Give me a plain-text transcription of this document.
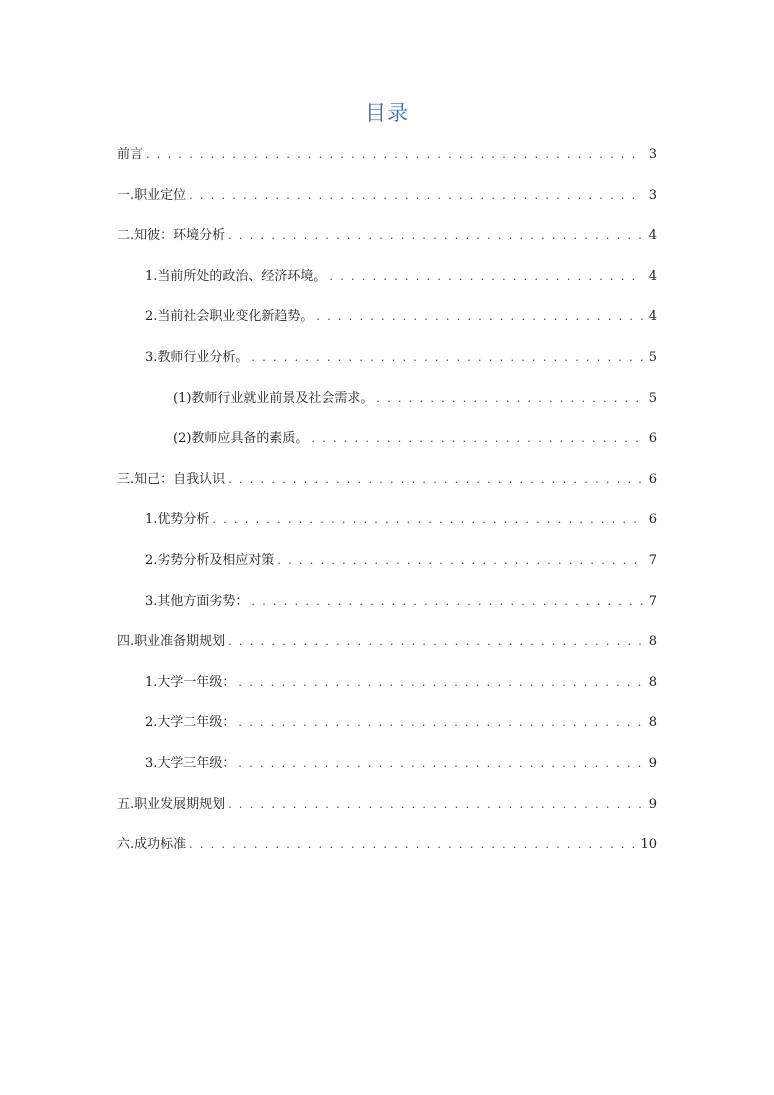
目录
前言 . . .	3
一.职业定位 . . .	3
二.知彼：环境分析 . . .	4
1.当前所处的政治、经济环境。 . . .	4
2.当前社会职业变化新趋势。 . . .	4
3.教师行业分析。 . . .	5
(1)教师行业就业前景及社会需求。 . . .	5
(2)教师应具备的素质。 . . .	6
三.知己：自我认识 . . .	6
1.优势分析 . . .	6
2.劣势分析及相应对策 . . .	7
3.其他方面劣势： . . .	7
四.职业准备期规划 . . .	8
1.大学一年级： . . .	8
2.大学二年级： . . .	8
3.大学三年级： . . .	9
五.职业发展期规划 . . .	9
六.成功标准 . . .	10
